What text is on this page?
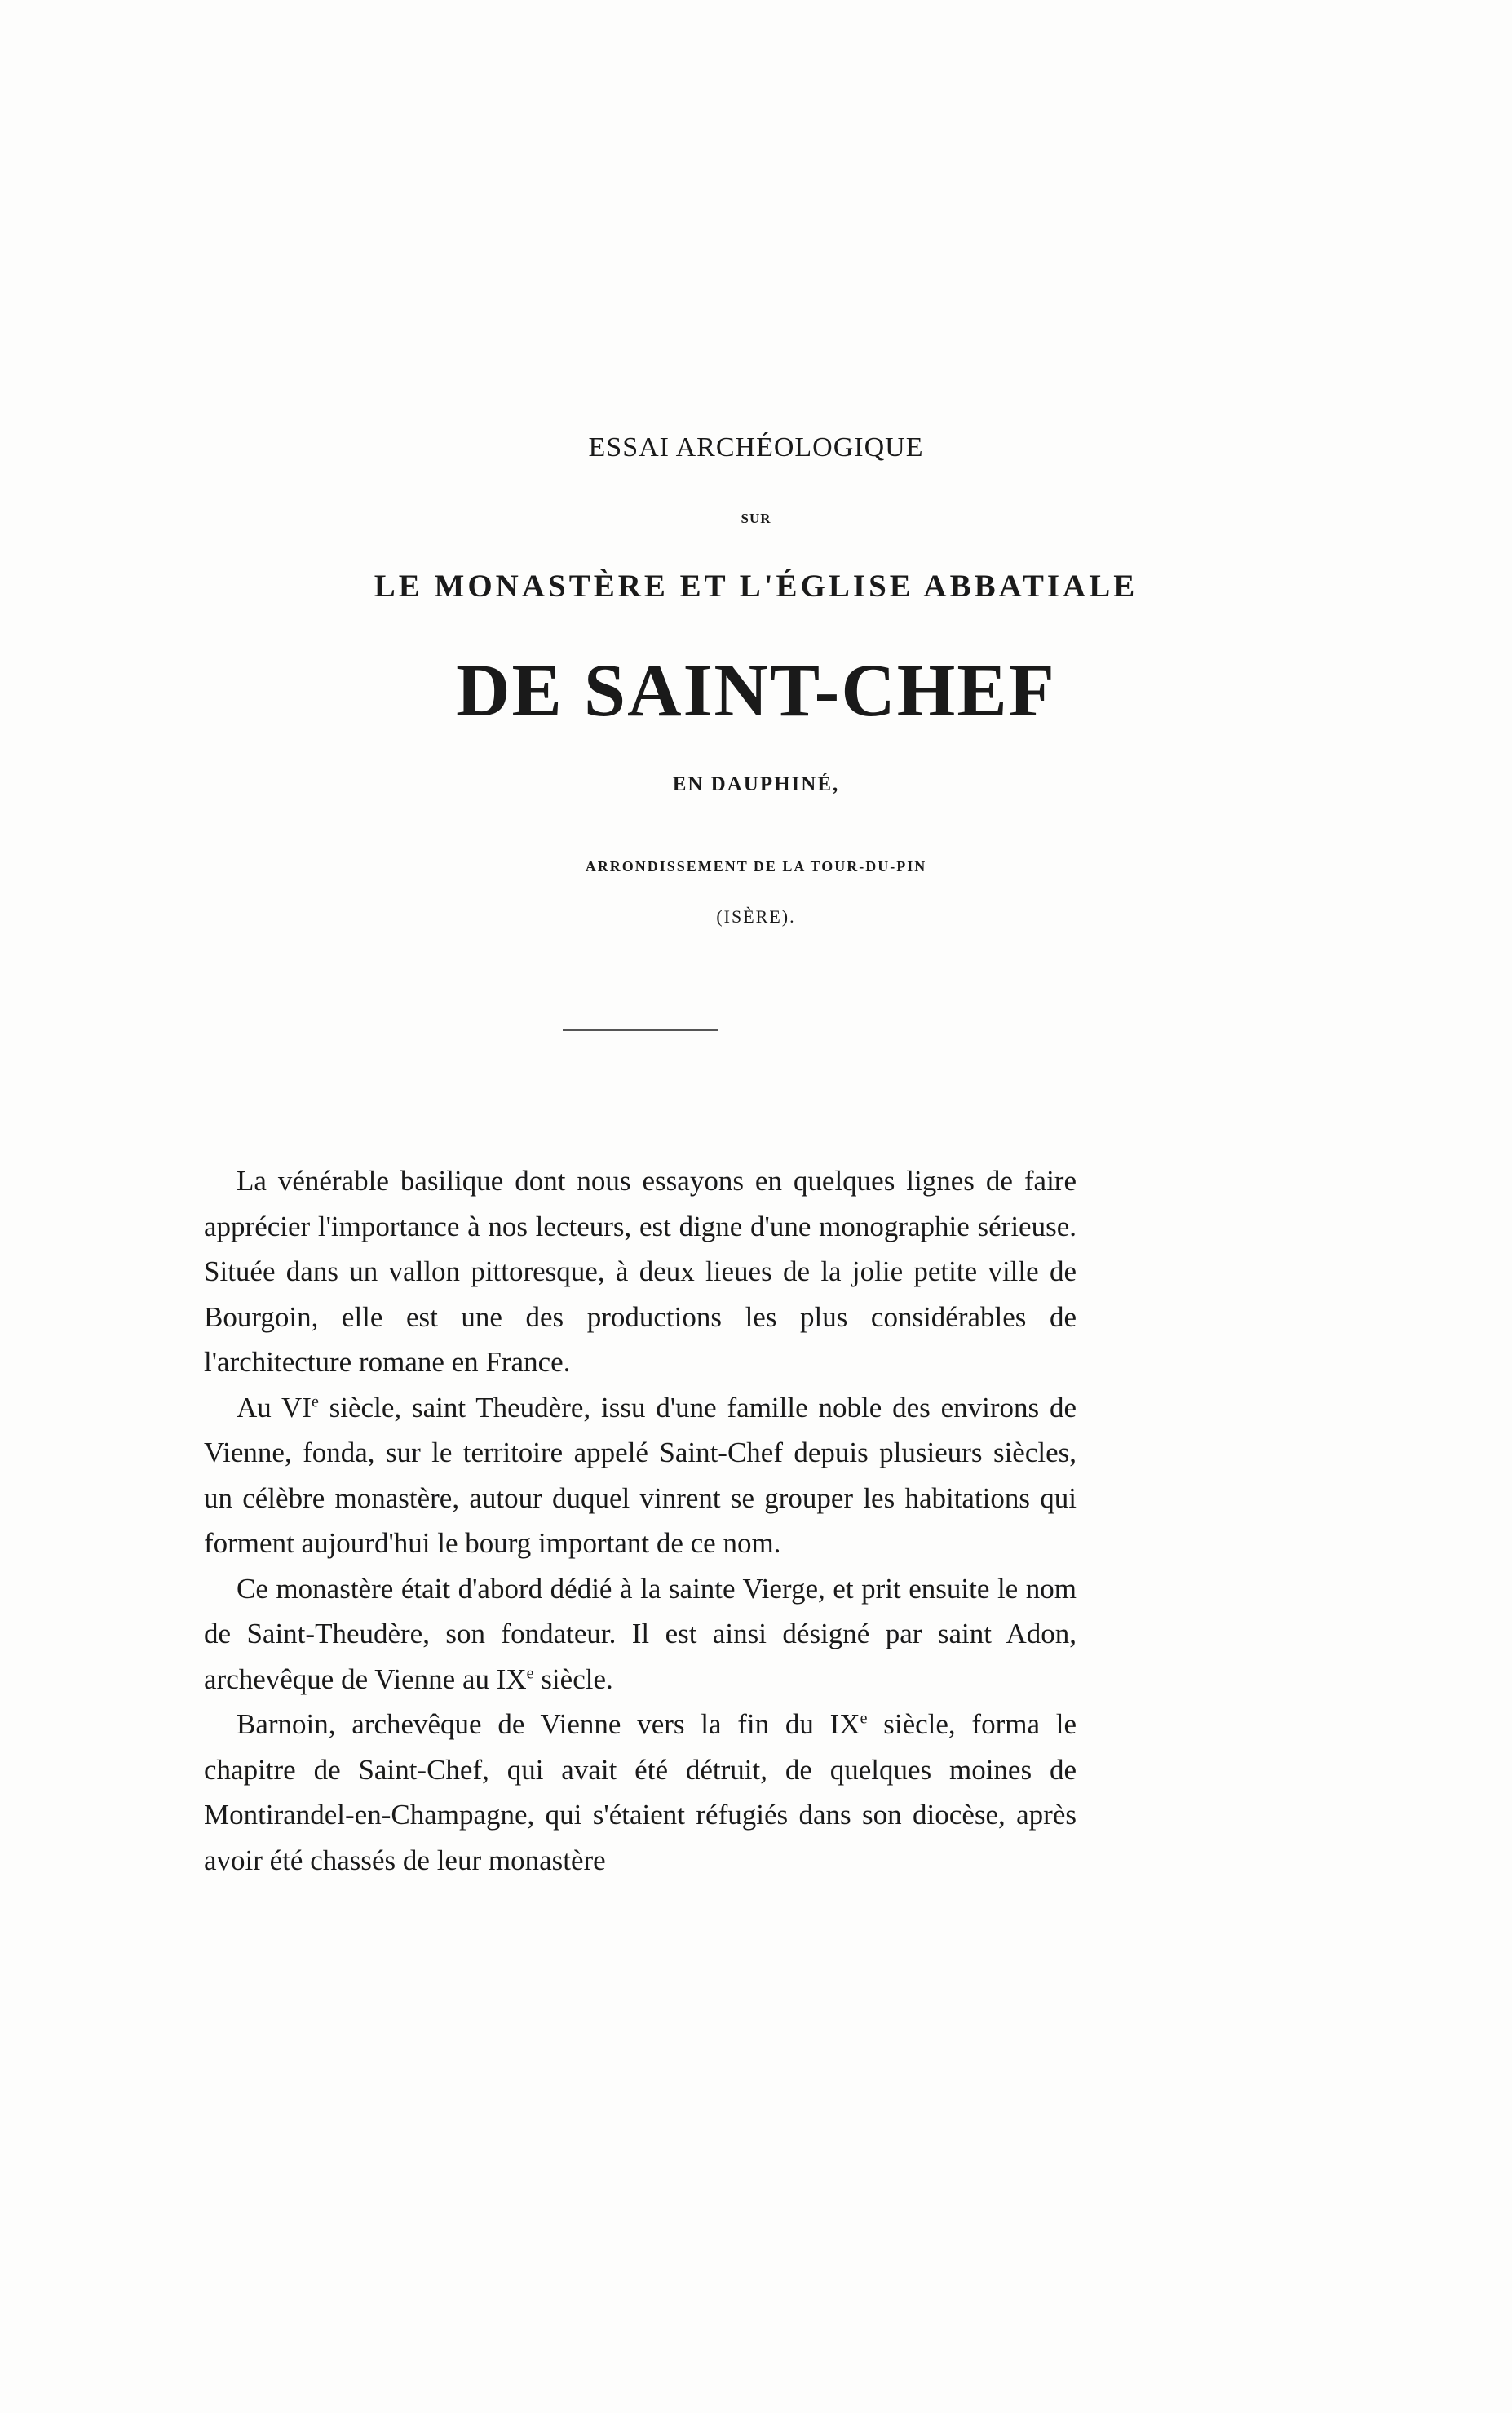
ESSAI ARCHÉOLOGIQUE
SUR
LE MONASTÈRE ET L'ÉGLISE ABBATIALE
DE SAINT-CHEF
EN DAUPHINÉ,
ARRONDISSEMENT DE LA TOUR-DU-PIN
(ISÈRE).

La vénérable basilique dont nous essayons en quelques lignes de faire apprécier l'importance à nos lecteurs, est digne d'une monographie sérieuse. Située dans un vallon pittoresque, à deux lieues de la jolie petite ville de Bourgoin, elle est une des productions les plus considérables de l'architecture romane en France.

Au VIe siècle, saint Theudère, issu d'une famille noble des environs de Vienne, fonda, sur le territoire appelé Saint-Chef depuis plusieurs siècles, un célèbre monastère, autour duquel vinrent se grouper les habitations qui forment aujourd'hui le bourg important de ce nom.

Ce monastère était d'abord dédié à la sainte Vierge, et prit ensuite le nom de Saint-Theudère, son fondateur. Il est ainsi désigné par saint Adon, archevêque de Vienne au IXe siècle.

Barnoin, archevêque de Vienne vers la fin du IXe siècle, forma le chapitre de Saint-Chef, qui avait été détruit, de quelques moines de Montirandel-en-Champagne, qui s'étaient réfugiés dans son diocèse, après avoir été chassés de leur monastère
